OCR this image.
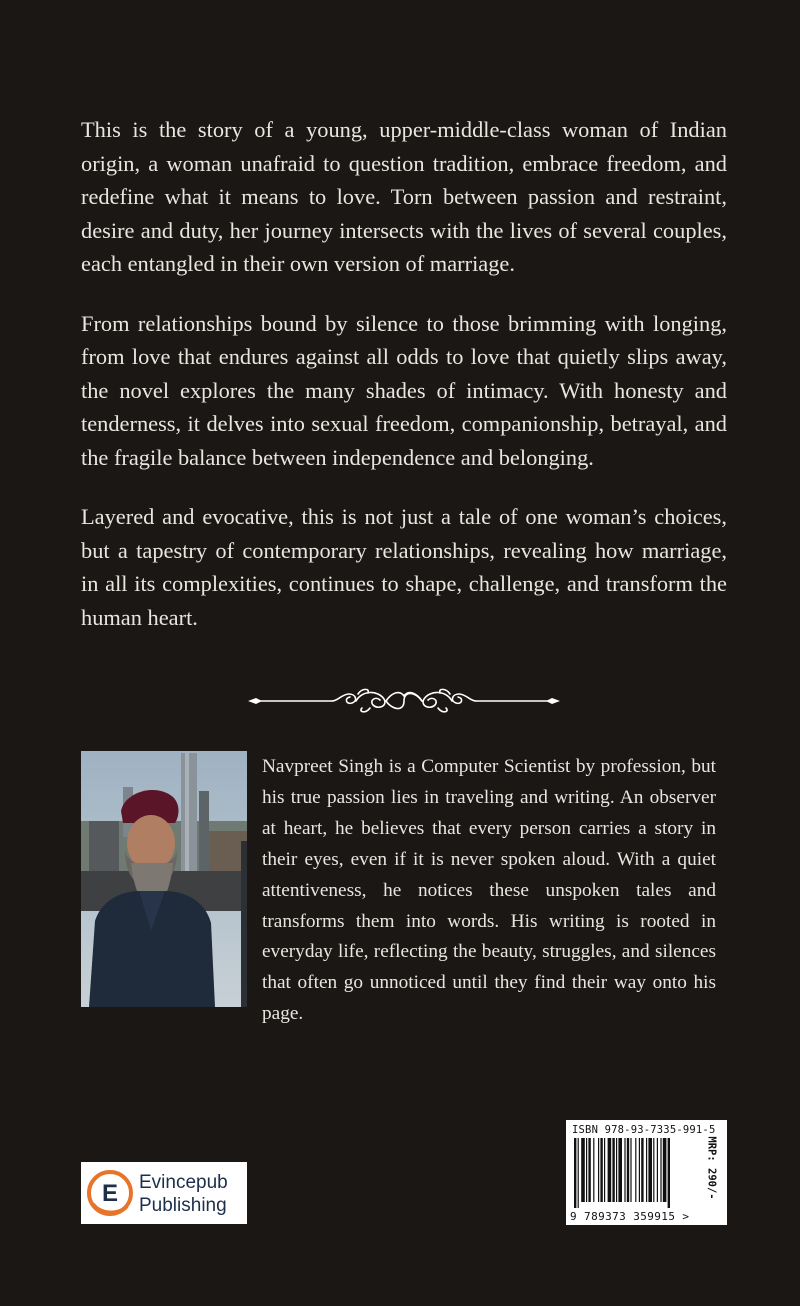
This is the story of a young, upper-middle-class woman of Indian origin, a woman unafraid to question tradition, embrace freedom, and redefine what it means to love. Torn between passion and restraint, desire and duty, her journey intersects with the lives of several couples, each entangled in their own version of marriage.

From relationships bound by silence to those brimming with longing, from love that endures against all odds to love that quietly slips away, the novel explores the many shades of intimacy. With honesty and tenderness, it delves into sexual freedom, companionship, betrayal, and the fragile balance between independence and belonging.

Layered and evocative, this is not just a tale of one woman’s choices, but a tapestry of contemporary relationships, revealing how marriage, in all its complexities, continues to shape, challenge, and transform the human heart.

Navpreet Singh is a Computer Scientist by profession, but his true passion lies in traveling and writing. An observer at heart, he believes that every person carries a story in their eyes, even if it is never spoken aloud. With a quiet attentiveness, he notices these unspoken tales and transforms them into words. His writing is rooted in everyday life, reflecting the beauty, struggles, and silences that often go unnoticed until they find their way onto his page.

ISBN 978-93-7335-991-5
MRP: 290/-
9 789373 359915 >
E Evincepub
Publishing
